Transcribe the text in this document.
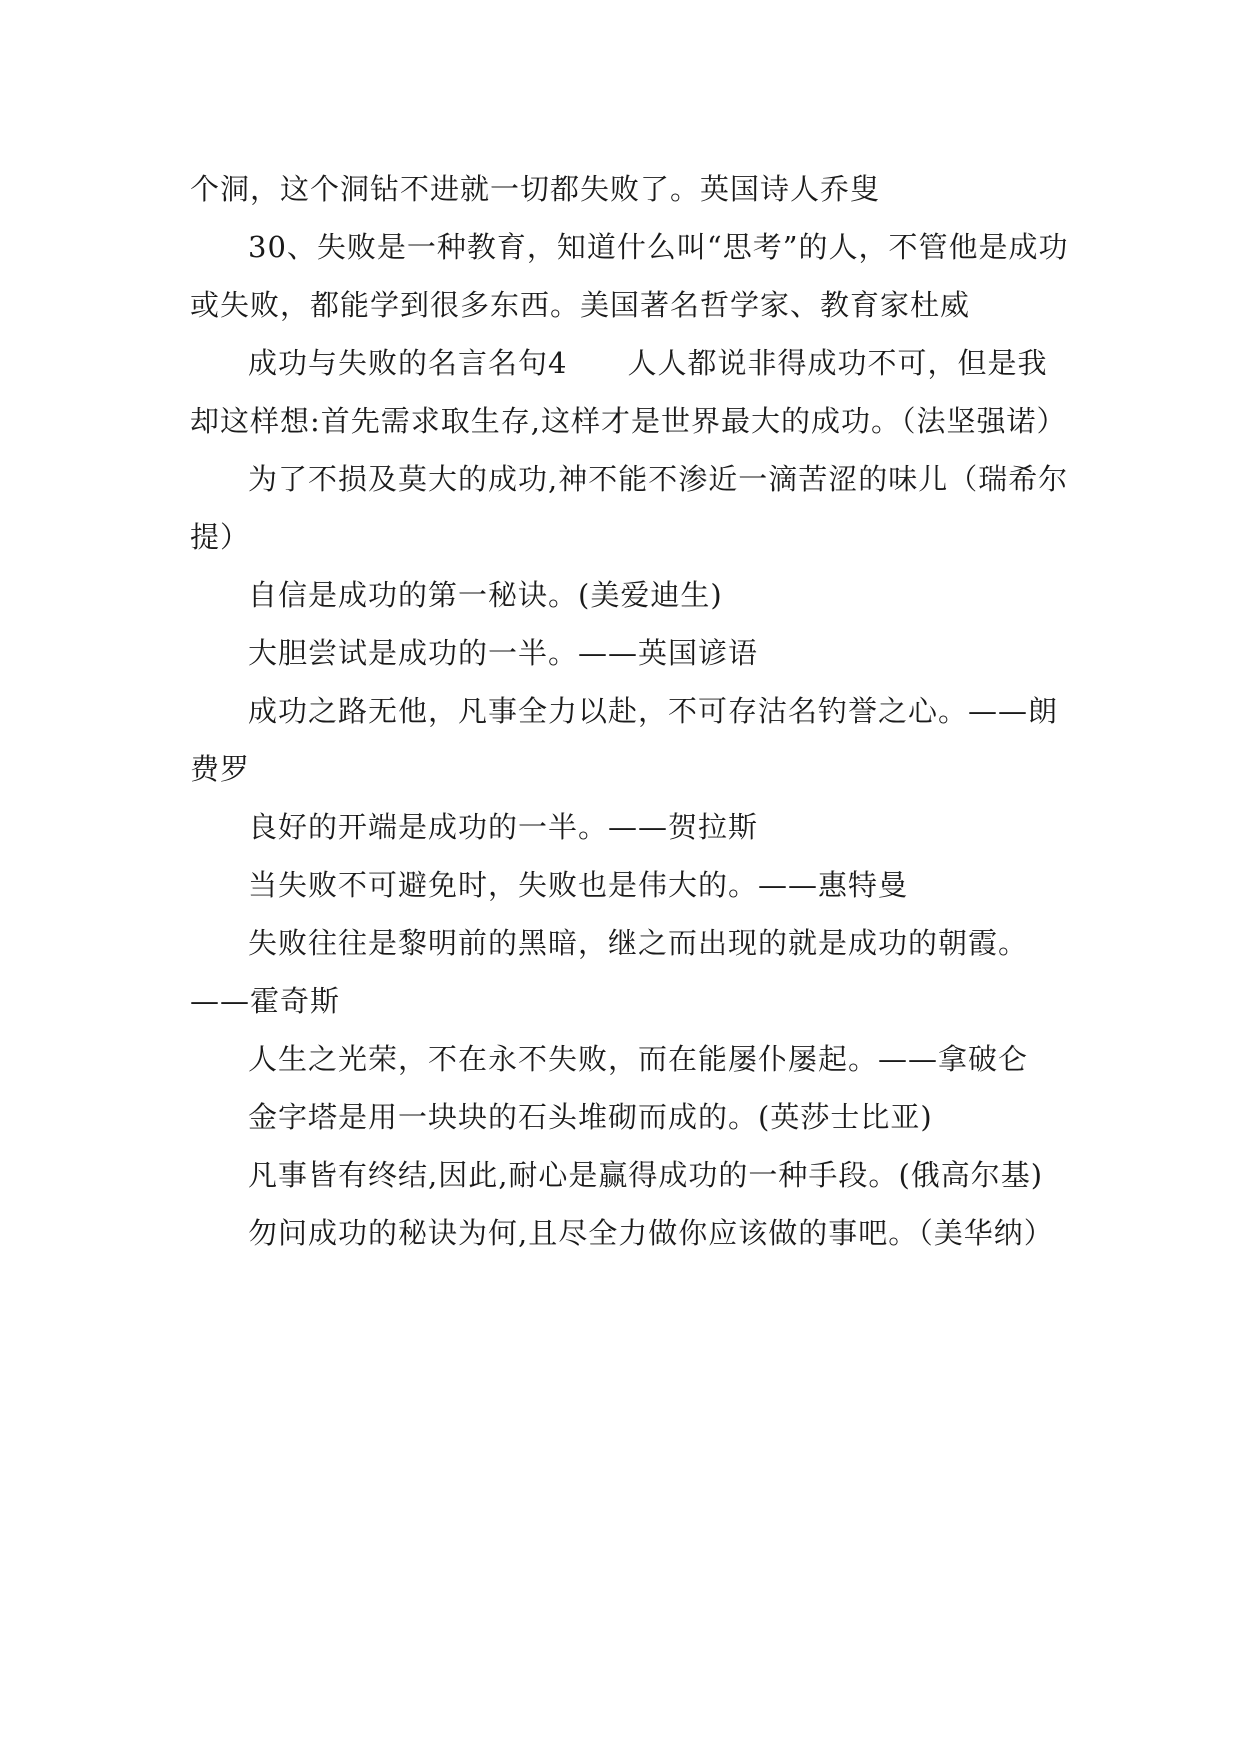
个洞，这个洞钻不进就一切都失败了。英国诗人乔叟

30、失败是一种教育，知道什么叫“思考”的人，不管他是成功或失败，都能学到很多东西。美国著名哲学家、教育家杜威

成功与失败的名言名句4　　人人都说非得成功不可，但是我却这样想:首先需求取生存,这样才是世界最大的成功。（法坚强诺）

为了不损及莫大的成功,神不能不渗近一滴苦涩的味儿（瑞希尔提）

自信是成功的第一秘诀。(美爱迪生)

大胆尝试是成功的一半。——英国谚语

成功之路无他，凡事全力以赴，不可存沽名钓誉之心。——朗费罗

良好的开端是成功的一半。——贺拉斯

当失败不可避免时，失败也是伟大的。——惠特曼

失败往往是黎明前的黑暗，继之而出现的就是成功的朝霞。——霍奇斯

人生之光荣，不在永不失败，而在能屡仆屡起。——拿破仑

金字塔是用一块块的石头堆砌而成的。(英莎士比亚)

凡事皆有终结,因此,耐心是赢得成功的一种手段。(俄高尔基)

勿问成功的秘诀为何,且尽全力做你应该做的事吧。（美华纳）
